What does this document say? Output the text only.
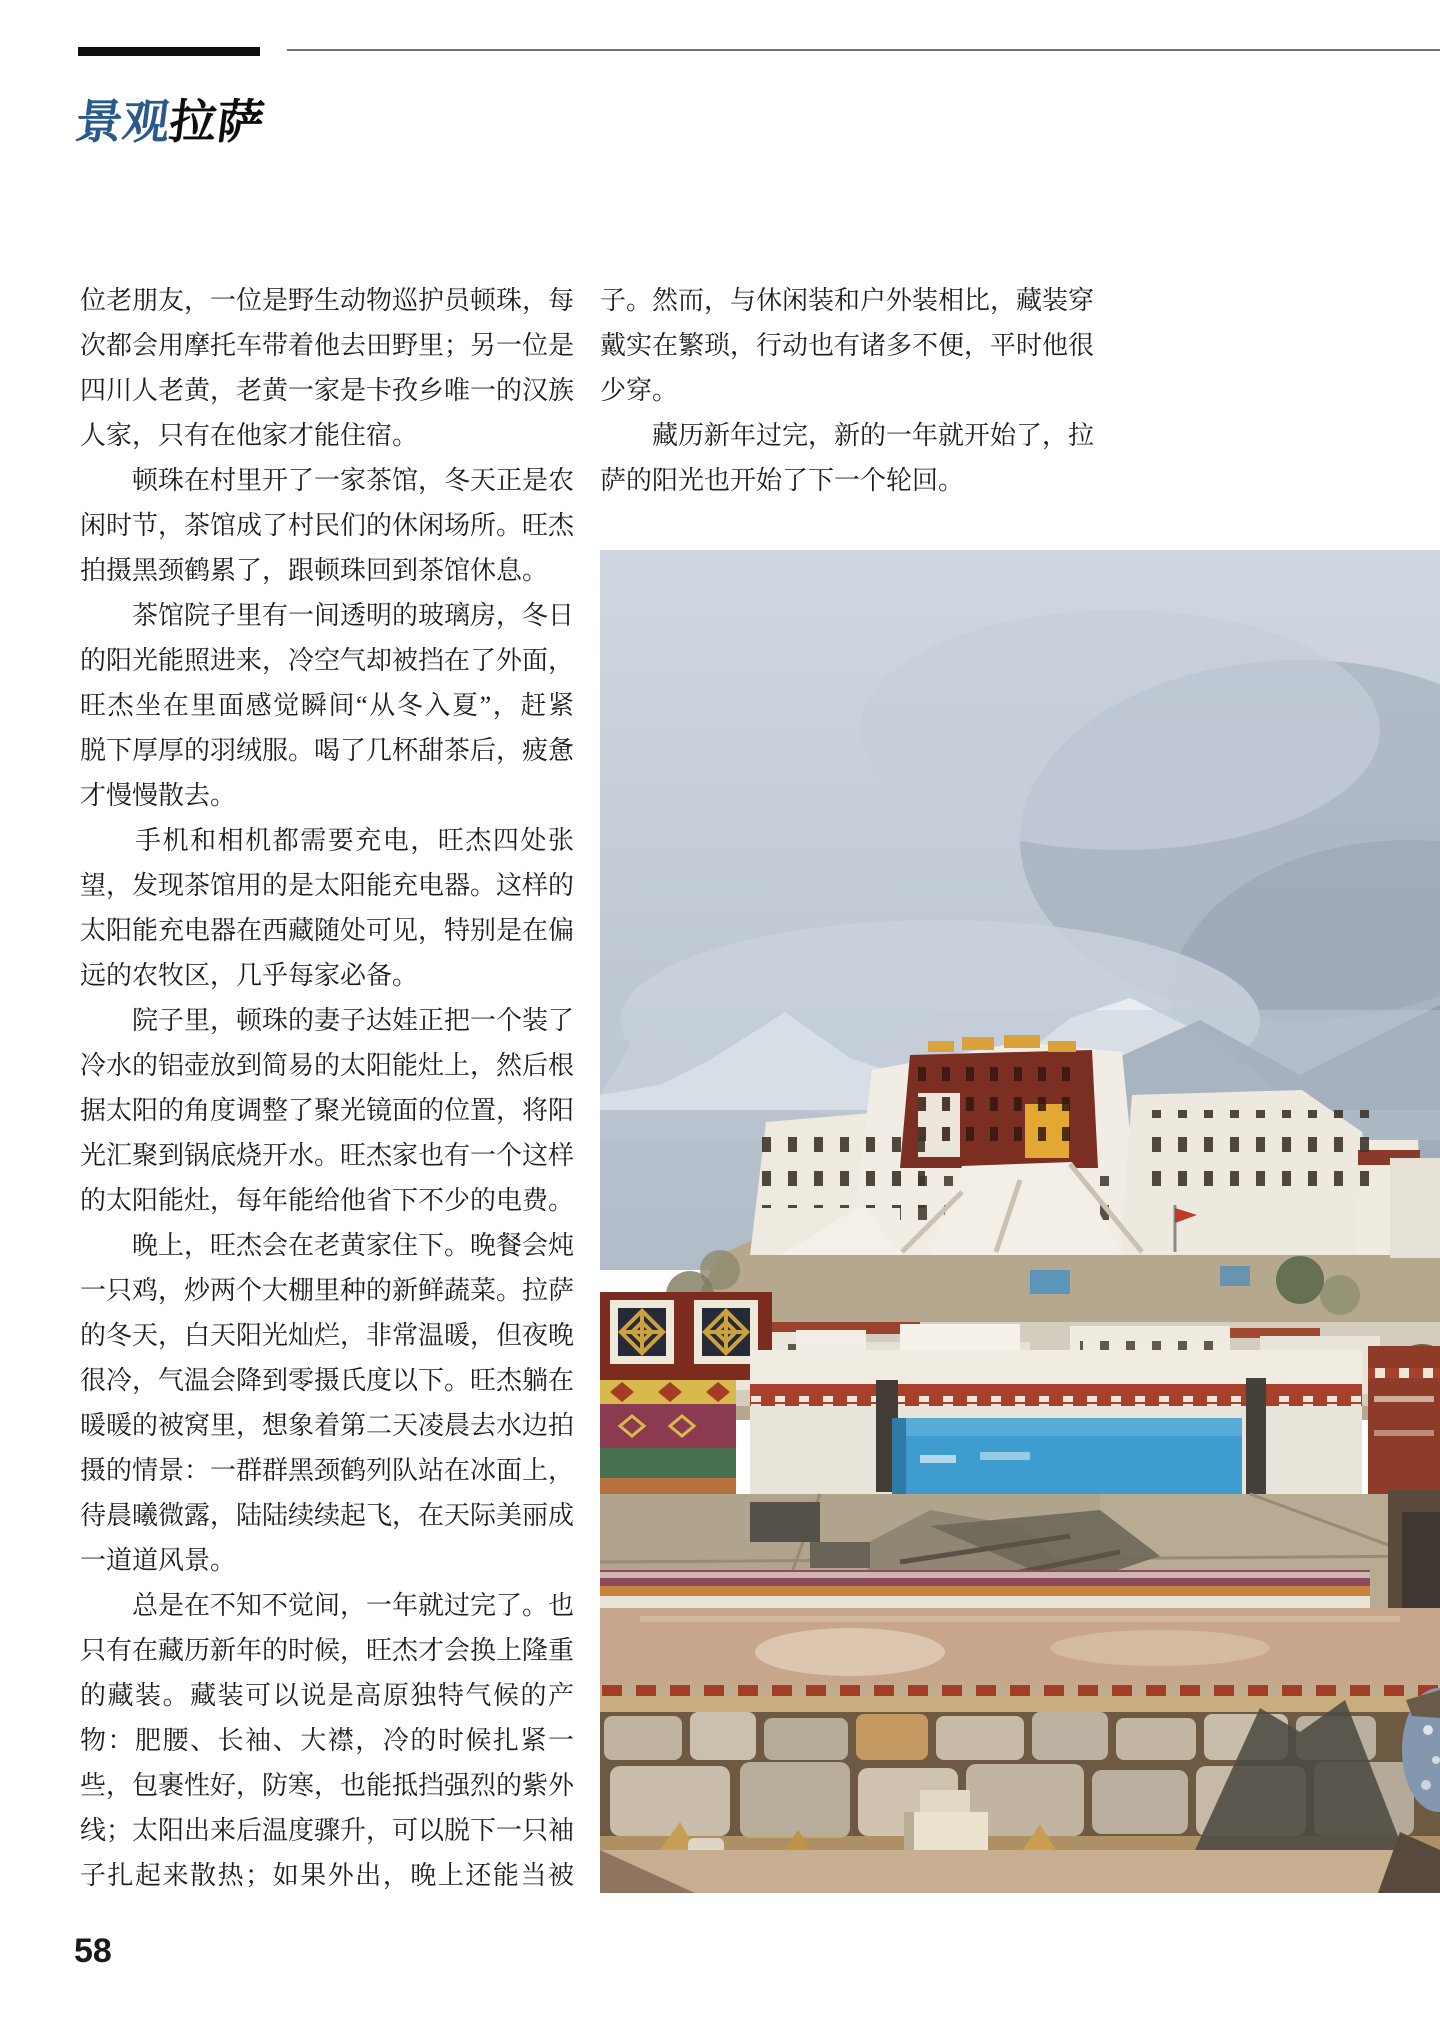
景观拉萨
位老朋友，一位是野生动物巡护员顿珠，每
次都会用摩托车带着他去田野里；另一位是
四川人老黄，老黄一家是卡孜乡唯一的汉族
人家，只有在他家才能住宿。
　　顿珠在村里开了一家茶馆，冬天正是农
闲时节，茶馆成了村民们的休闲场所。旺杰
拍摄黑颈鹤累了，跟顿珠回到茶馆休息。
　　茶馆院子里有一间透明的玻璃房，冬日
的阳光能照进来，冷空气却被挡在了外面，
旺杰坐在里面感觉瞬间“从冬入夏”，赶紧
脱下厚厚的羽绒服。喝了几杯甜茶后，疲惫
才慢慢散去。
　　手机和相机都需要充电，旺杰四处张
望，发现茶馆用的是太阳能充电器。这样的
太阳能充电器在西藏随处可见，特别是在偏
远的农牧区，几乎每家必备。
　　院子里，顿珠的妻子达娃正把一个装了
冷水的铝壶放到简易的太阳能灶上，然后根
据太阳的角度调整了聚光镜面的位置，将阳
光汇聚到锅底烧开水。旺杰家也有一个这样
的太阳能灶，每年能给他省下不少的电费。
　　晚上，旺杰会在老黄家住下。晚餐会炖
一只鸡，炒两个大棚里种的新鲜蔬菜。拉萨
的冬天，白天阳光灿烂，非常温暖，但夜晚
很冷，气温会降到零摄氏度以下。旺杰躺在
暖暖的被窝里，想象着第二天凌晨去水边拍
摄的情景：一群群黑颈鹤列队站在冰面上，
待晨曦微露，陆陆续续起飞，在天际美丽成
一道道风景。
　　总是在不知不觉间，一年就过完了。也
只有在藏历新年的时候，旺杰才会换上隆重
的藏装。藏装可以说是高原独特气候的产
物：肥腰、长袖、大襟，冷的时候扎紧一
些，包裹性好，防寒，也能抵挡强烈的紫外
线；太阳出来后温度骤升，可以脱下一只袖
子扎起来散热；如果外出，晚上还能当被
子。然而，与休闲装和户外装相比，藏装穿
戴实在繁琐，行动也有诸多不便，平时他很
少穿。
　　藏历新年过完，新的一年就开始了，拉
萨的阳光也开始了下一个轮回。
58
